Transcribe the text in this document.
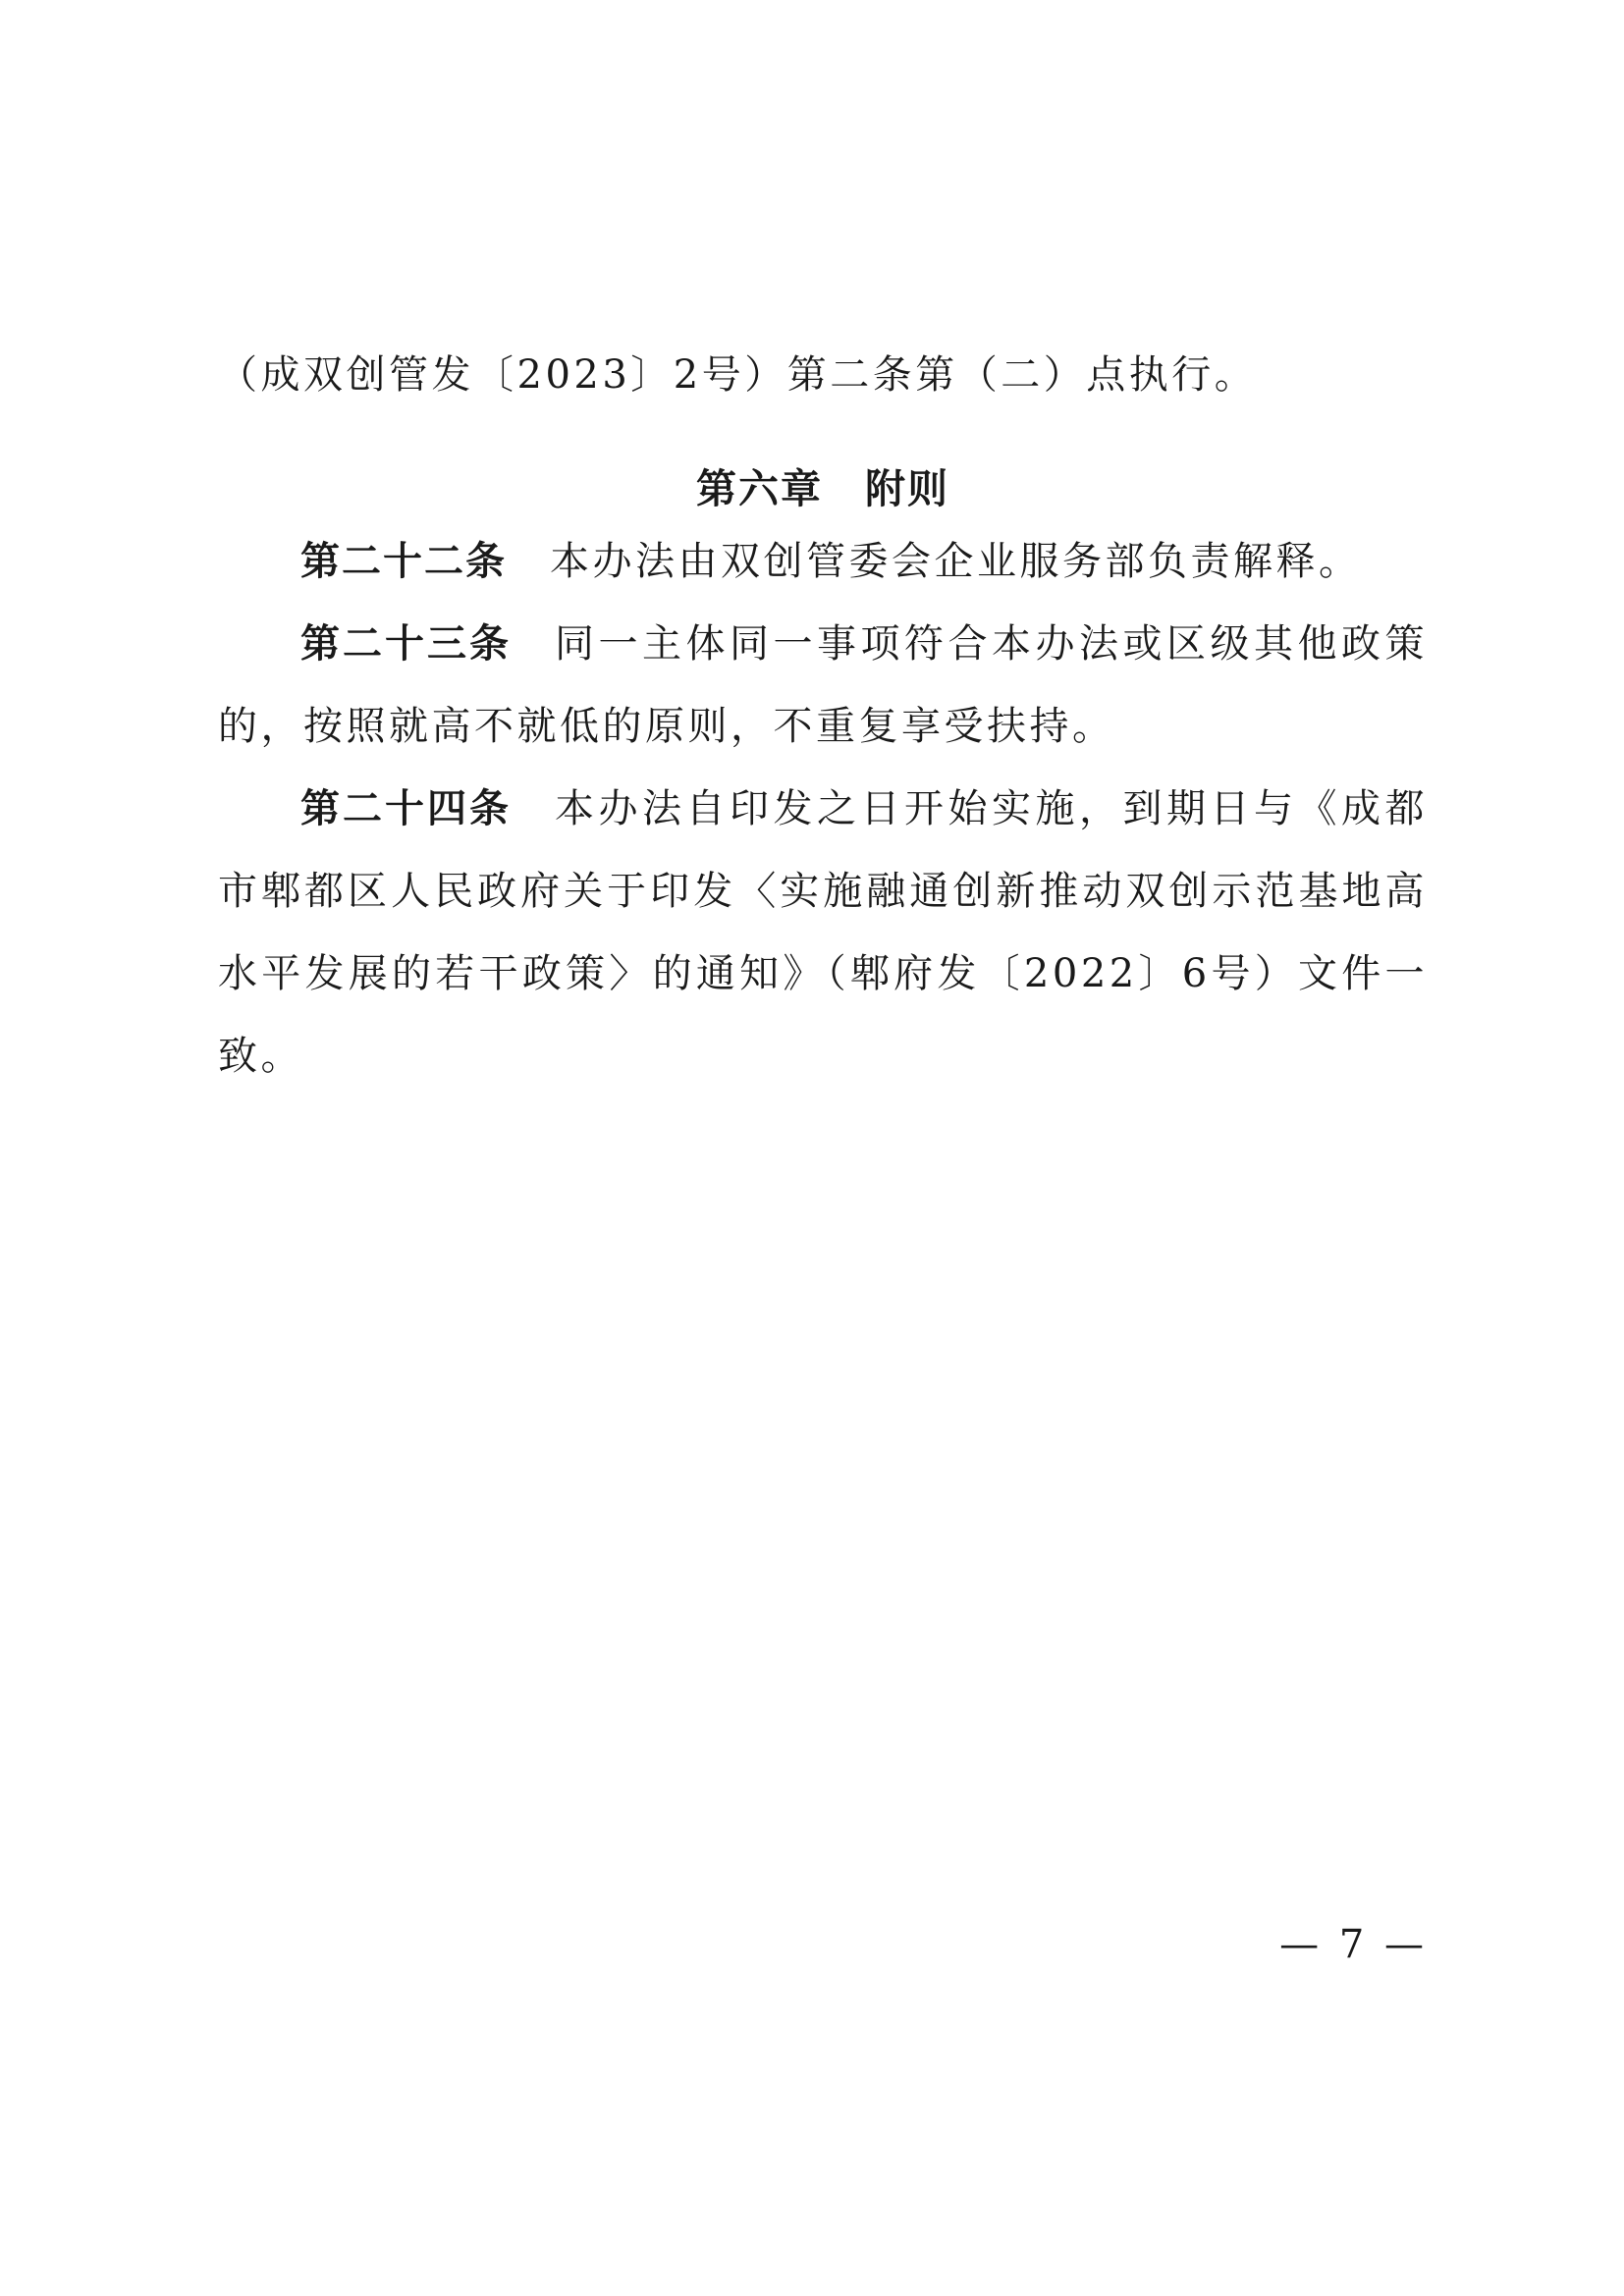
（成双创管发〔2023〕2号）第二条第（二）点执行。

第六章　附则

第二十二条 本办法由双创管委会企业服务部负责解释。

第二十三条 同一主体同一事项符合本办法或区级其他政策的，按照就高不就低的原则，不重复享受扶持。

第二十四条 本办法自印发之日开始实施，到期日与《成都市郫都区人民政府关于印发〈实施融通创新推动双创示范基地高水平发展的若干政策〉的通知》（郫府发〔2022〕6号）文件一致。

— 7 —
